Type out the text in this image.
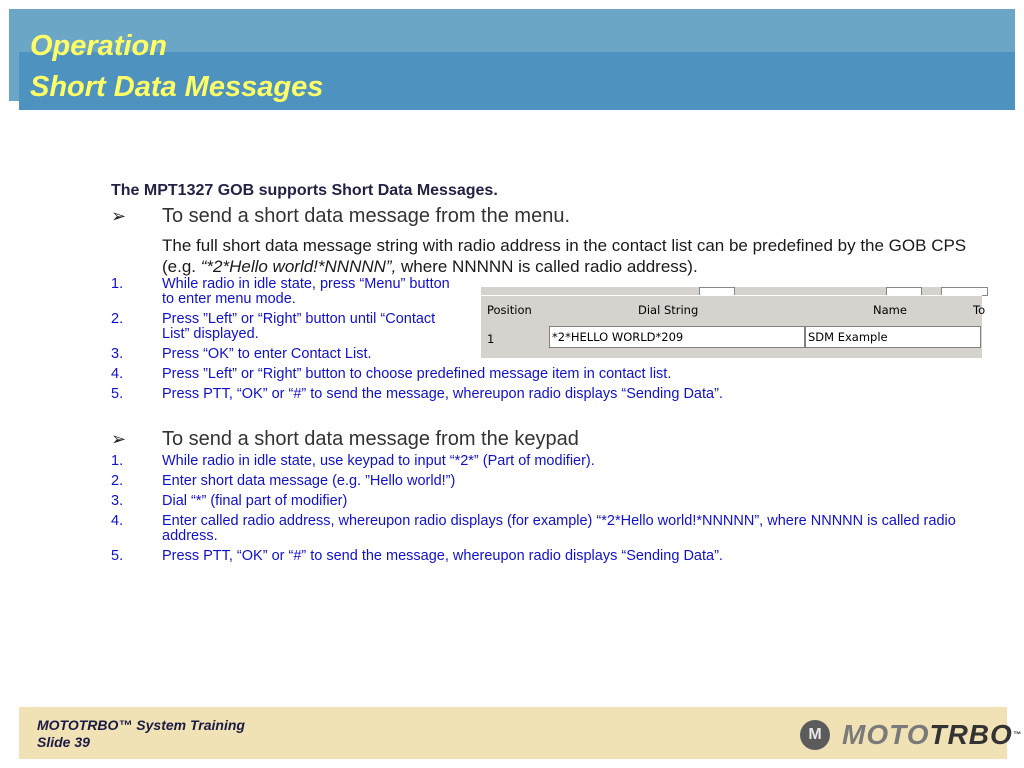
Operation
Short Data Messages
The MPT1327 GOB supports Short Data Messages.
➢ To send a short data message from the menu.
The full short data message string with radio address in the contact list can be predefined by the GOB CPS (e.g. “*2*Hello world!*NNNNN”, where NNNNN is called radio address).
1.	While radio in idle state, press “Menu” button to enter menu mode.
2.	Press ”Left” or “Right” button until “Contact List” displayed.
3.	Press “OK” to enter Contact List.
4.	Press ”Left” or “Right” button to choose predefined message item in contact list.
5.	Press PTT, “OK” or “#” to send the message, whereupon radio displays “Sending Data”.
➢ To send a short data message from the keypad
1.	While radio in idle state, use keypad to input “*2*” (Part of modifier).
2.	Enter short data message (e.g. ”Hello world!”)
3.	Dial “*” (final part of modifier)
4.	Enter called radio address, whereupon radio displays (for example) “*2*Hello world!*NNNNN”, where NNNNN is called radio address.
5.	Press PTT, “OK” or “#” to send the message, whereupon radio displays “Sending Data”.
Position	Dial String	Name	To
1	*2*HELLO WORLD*209	SDM Example
MOTOTRBO™ System Training
Slide 39	M MOTOTRBO™
